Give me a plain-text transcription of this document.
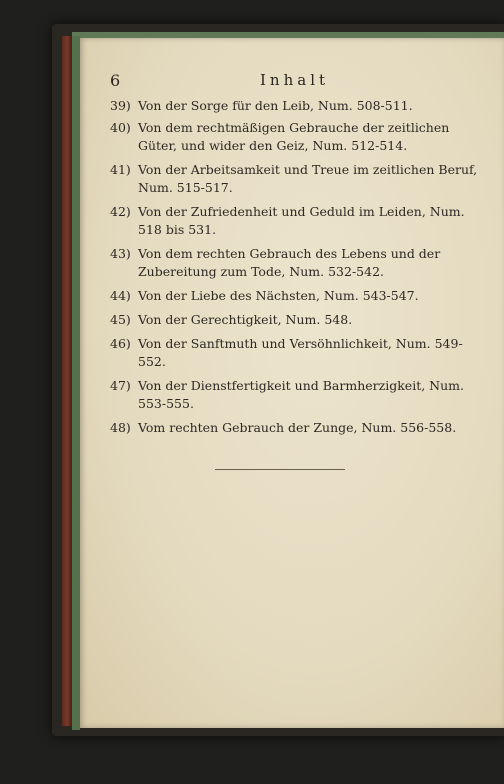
6	Inhalt
39) Von der Sorge für den Leib, Num. 508-511.
40) Von dem rechtmäßigen Gebrauche der zeitlichen Güter, und wider den Geiz, Num. 512-514.
41) Von der Arbeitsamkeit und Treue im zeitlichen Beruf, Num. 515-517.
42) Von der Zufriedenheit und Geduld im Leiden, Num. 518 bis 531.
43) Von dem rechten Gebrauch des Lebens und der Zubereitung zum Tode, Num. 532-542.
44) Von der Liebe des Nächsten, Num. 543-547.
45) Von der Gerechtigkeit, Num. 548.
46) Von der Sanftmuth und Versöhnlichkeit, Num. 549-552.
47) Von der Dienstfertigkeit und Barmherzigkeit, Num. 553-555.
48) Vom rechten Gebrauch der Zunge, Num. 556-558.
